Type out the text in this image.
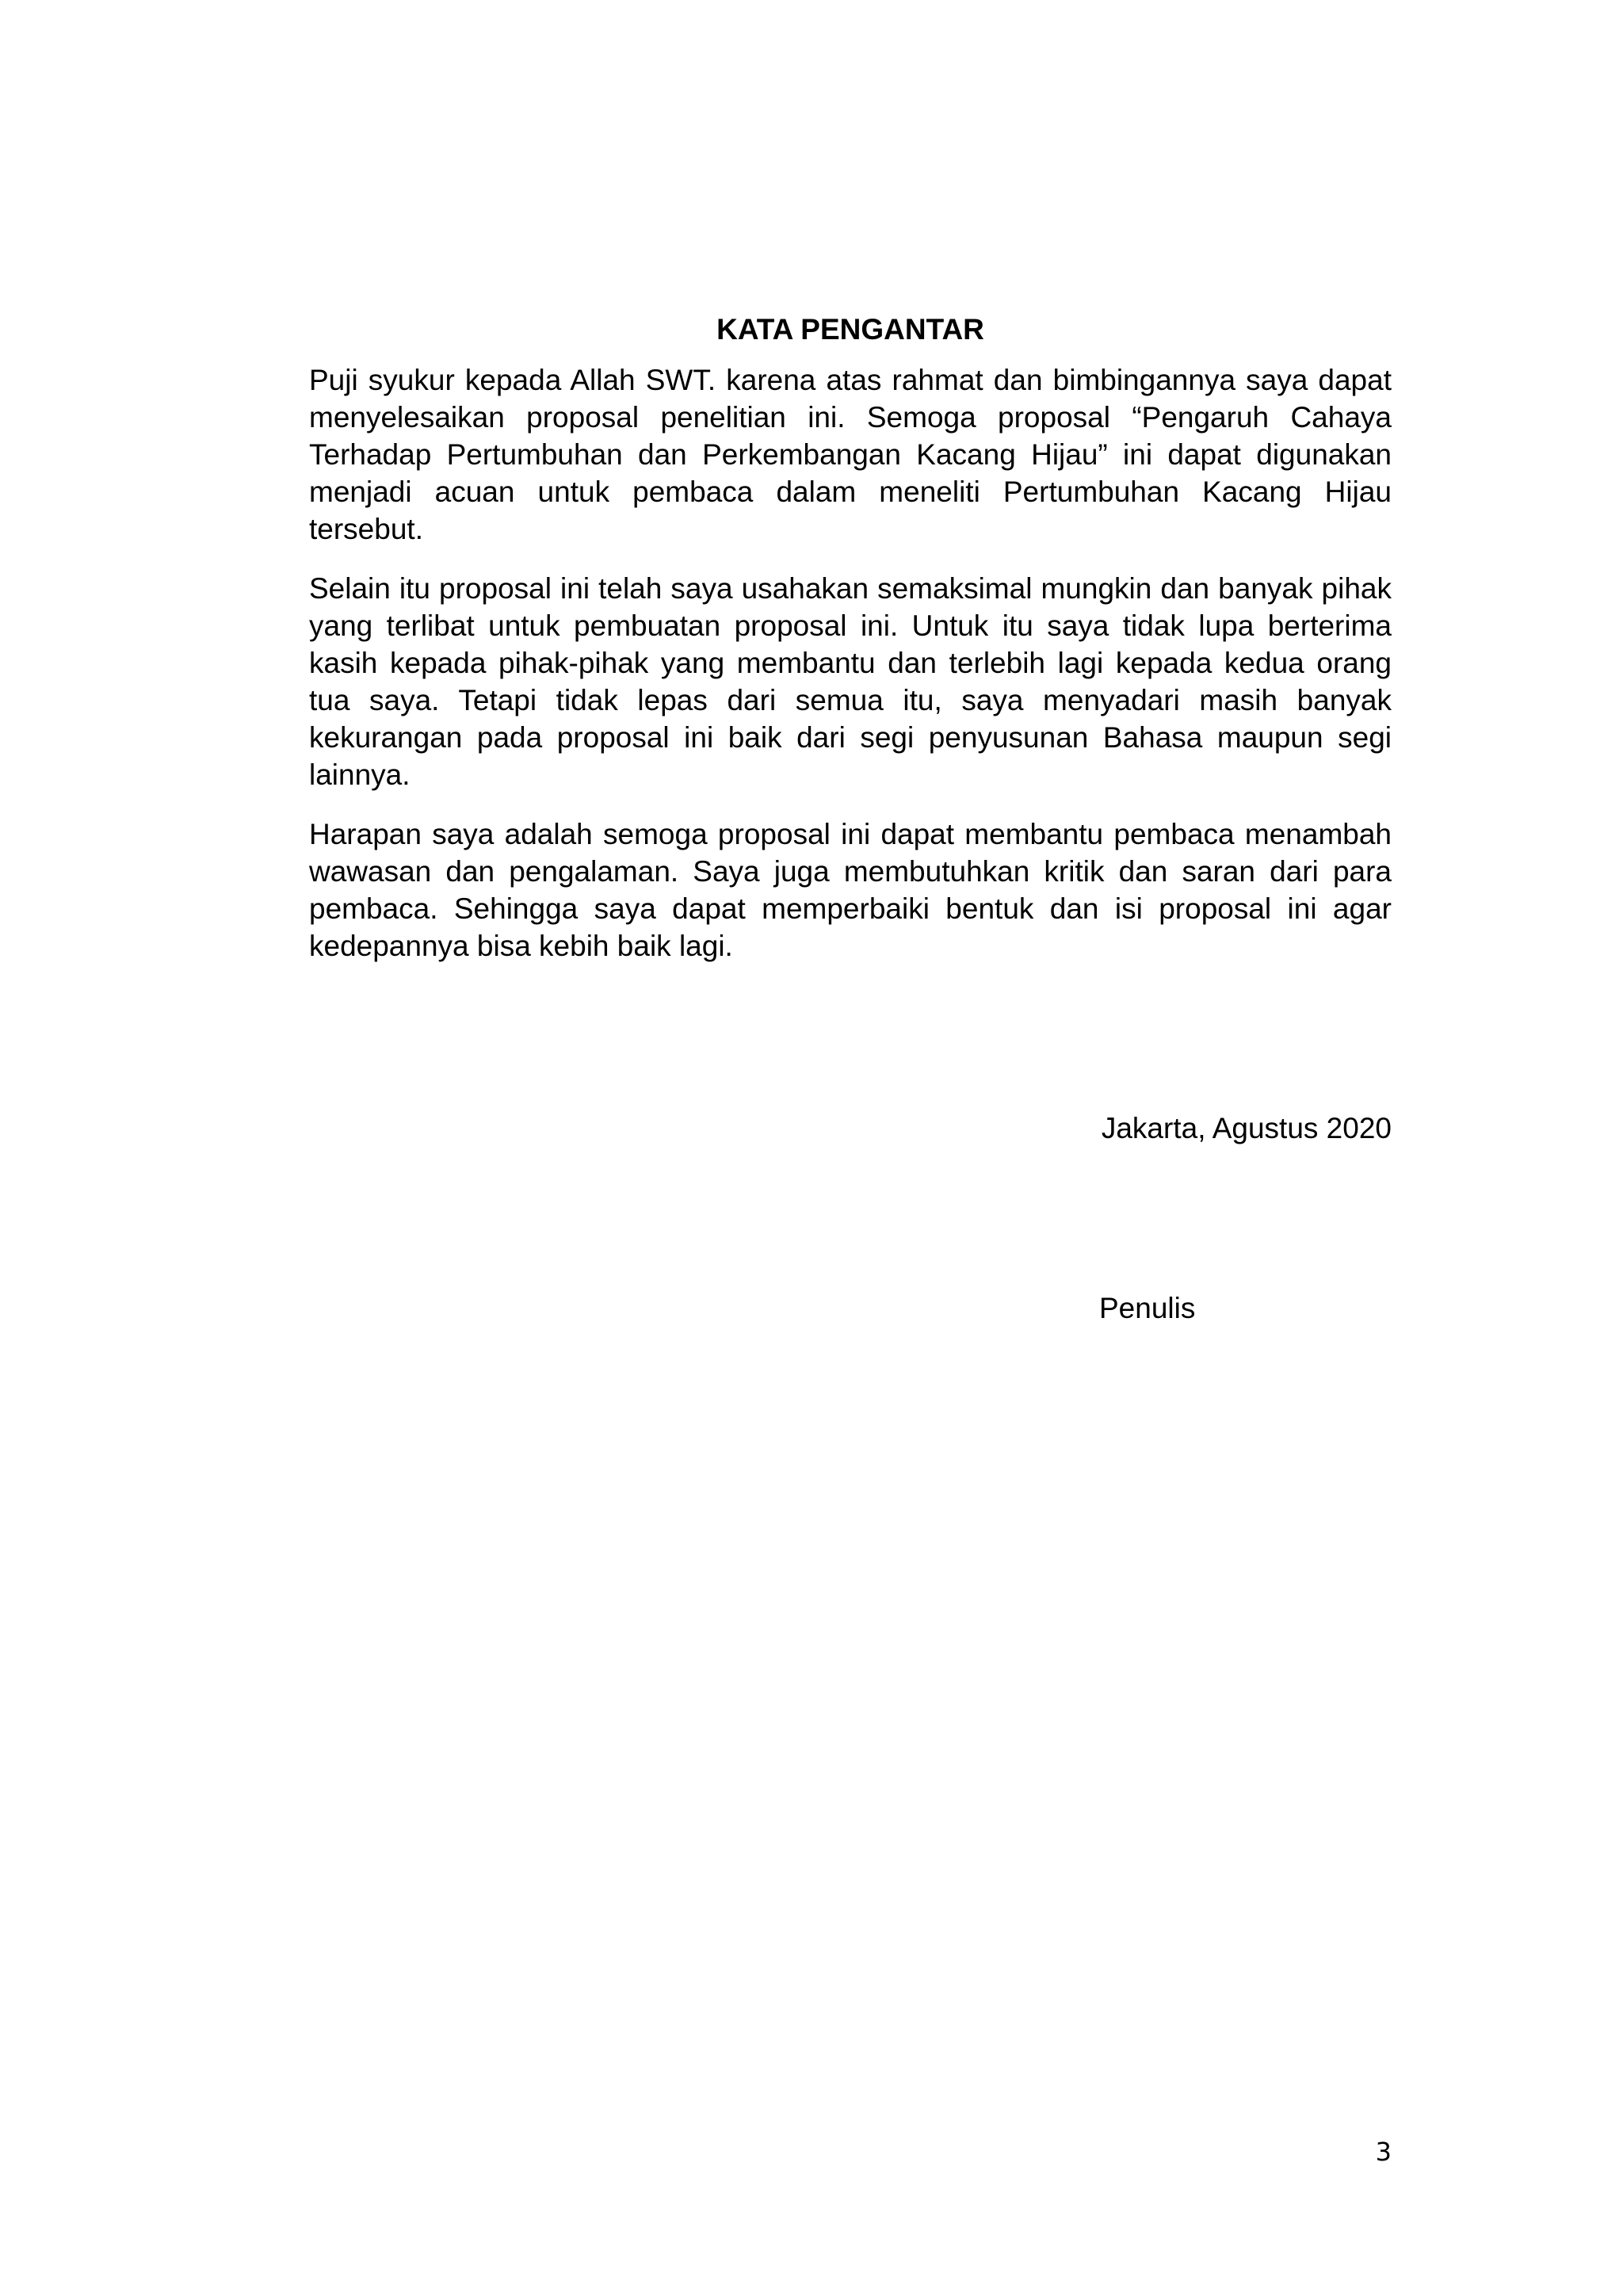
KATA PENGANTAR

Puji syukur kepada Allah SWT. karena atas rahmat dan bimbingannya saya dapat menyelesaikan proposal penelitian ini. Semoga proposal “Pengaruh Cahaya Terhadap Pertumbuhan dan Perkembangan Kacang Hijau” ini dapat digunakan menjadi acuan untuk pembaca dalam meneliti Pertumbuhan Kacang Hijau tersebut.

Selain itu proposal ini telah saya usahakan semaksimal mungkin dan banyak pihak yang terlibat untuk pembuatan proposal ini. Untuk itu saya tidak lupa berterima kasih kepada pihak-pihak yang membantu dan terlebih lagi kepada kedua orang tua saya. Tetapi tidak lepas dari semua itu, saya menyadari masih banyak kekurangan pada proposal ini baik dari segi penyusunan Bahasa maupun segi lainnya.

Harapan saya adalah semoga proposal ini dapat membantu pembaca menambah wawasan dan pengalaman. Saya juga membutuhkan kritik dan saran dari para pembaca. Sehingga saya dapat memperbaiki bentuk dan isi proposal ini agar kedepannya bisa kebih baik lagi.

Jakarta, Agustus 2020
Penulis
3
